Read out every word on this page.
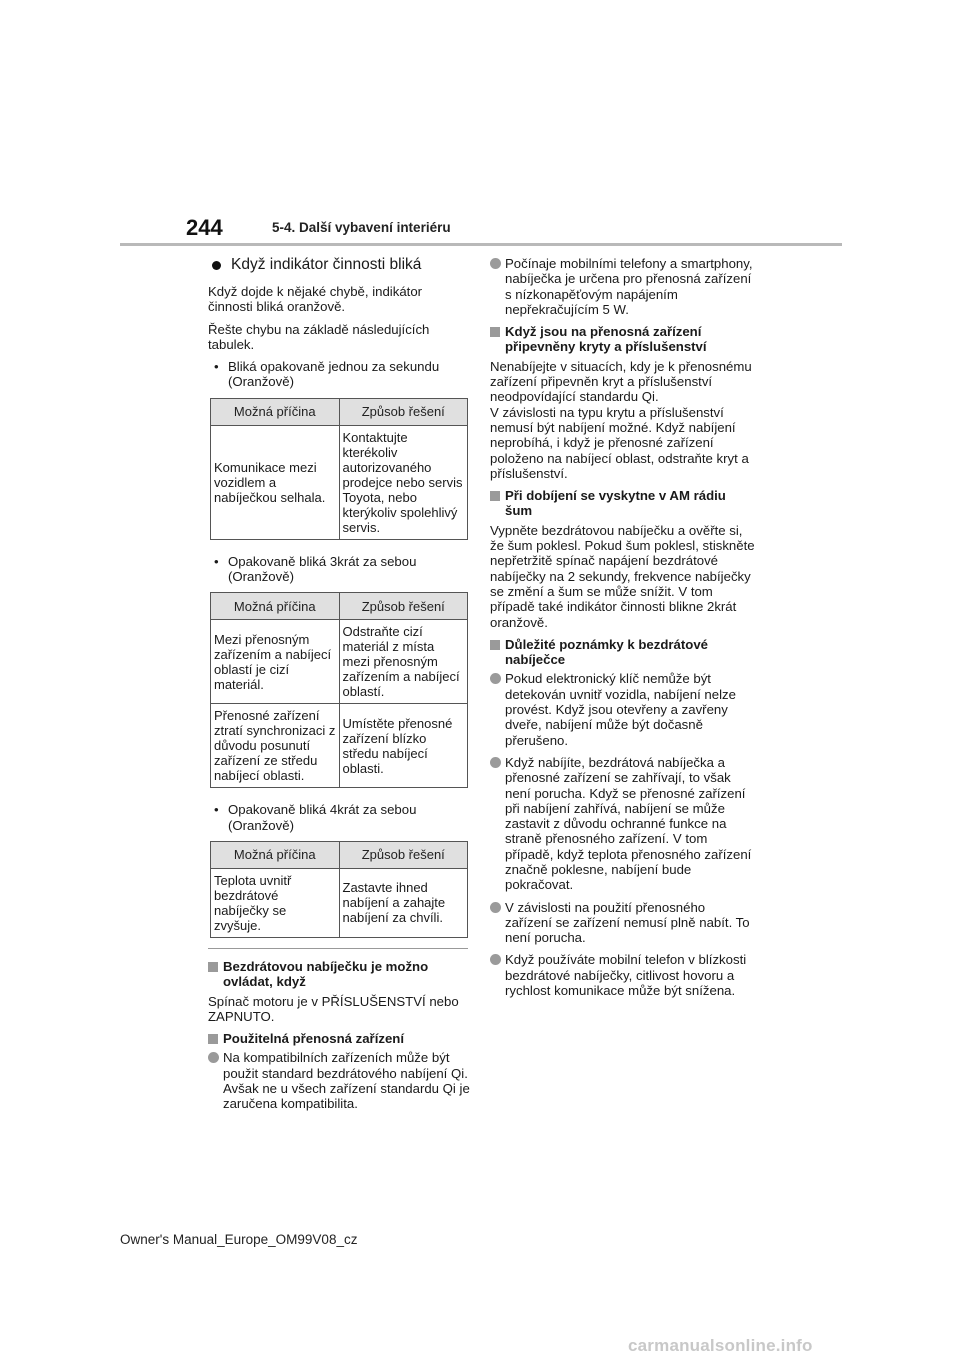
244	5-4. Další vybavení interiéru
Když indikátor činnosti bliká

Když dojde k nějaké chybě, indikátor činnosti bliká oranžově.

Řešte chybu na základě následujících tabulek.

• Bliká opakovaně jednou za sekundu (Oranžově)
Možná příčina	Způsob řešení
Komunikace mezi vozidlem a nabíječkou selhala.	Kontaktujte kterékoliv autorizovaného prodejce nebo servis Toyota, nebo kterýkoliv spolehlivý servis.
• Opakovaně bliká 3krát za sebou (Oranžově)
Možná příčina	Způsob řešení
Mezi přenosným zařízením a nabíjecí oblastí je cizí materiál.	Odstraňte cizí materiál z místa mezi přenosným zařízením a nabíjecí oblastí.
Přenosné zařízení ztratí synchronizaci z důvodu posunutí zařízení ze středu nabíjecí oblasti.	Umístěte přenosné zařízení blízko středu nabíjecí oblasti.
• Opakovaně bliká 4krát za sebou (Oranžově)
Možná příčina	Způsob řešení
Teplota uvnitř bezdrátové nabíječky se zvyšuje.	Zastavte ihned nabíjení a zahajte nabíjení za chvíli.
Bezdrátovou nabíječku je možno ovládat, když

Spínač motoru je v PŘÍSLUŠENSTVÍ nebo ZAPNUTO.

Použitelná přenosná zařízení
Na kompatibilních zařízeních může být použit standard bezdrátového nabíjení Qi. Avšak ne u všech zařízení standardu Qi je zaručena kompatibilita.
Počínaje mobilními telefony a smartphony, nabíječka je určena pro přenosná zařízení s nízkonapěťovým napájením nepřekračujícím 5 W.
Když jsou na přenosná zařízení připevněny kryty a příslušenství

Nenabíjejte v situacích, kdy je k přenosnému zařízení připevněn kryt a příslušenství neodpovídající standardu Qi.

V závislosti na typu krytu a příslušenství nemusí být nabíjení možné. Když nabíjení neprobíhá, i když je přenosné zařízení položeno na nabíjecí oblast, odstraňte kryt a příslušenství.

Při dobíjení se vyskytne v AM rádiu šum

Vypněte bezdrátovou nabíječku a ověřte si, že šum poklesl. Pokud šum poklesl, stiskněte nepřetržitě spínač napájení bezdrátové nabíječky na 2 sekundy, frekvence nabíječky se změní a šum se může snížit. V tom případě také indikátor činnosti blikne 2krát oranžově.

Důležité poznámky k bezdrátové nabíječce
Pokud elektronický klíč nemůže být detekován uvnitř vozidla, nabíjení nelze provést. Když jsou otevřeny a zavřeny dveře, nabíjení může být dočasně přerušeno.
Když nabíjíte, bezdrátová nabíječka a přenosné zařízení se zahřívají, to však není porucha. Když se přenosné zařízení při nabíjení zahřívá, nabíjení se může zastavit z důvodu ochranné funkce na straně přenosného zařízení. V tom případě, když teplota přenosného zařízení značně poklesne, nabíjení bude pokračovat.
V závislosti na použití přenosného zařízení se zařízení nemusí plně nabít. To není porucha.
Když používáte mobilní telefon v blízkosti bezdrátové nabíječky, citlivost hovoru a rychlost komunikace může být snížena.
Owner's Manual_Europe_OM99V08_cz
carmanualsonline.info
